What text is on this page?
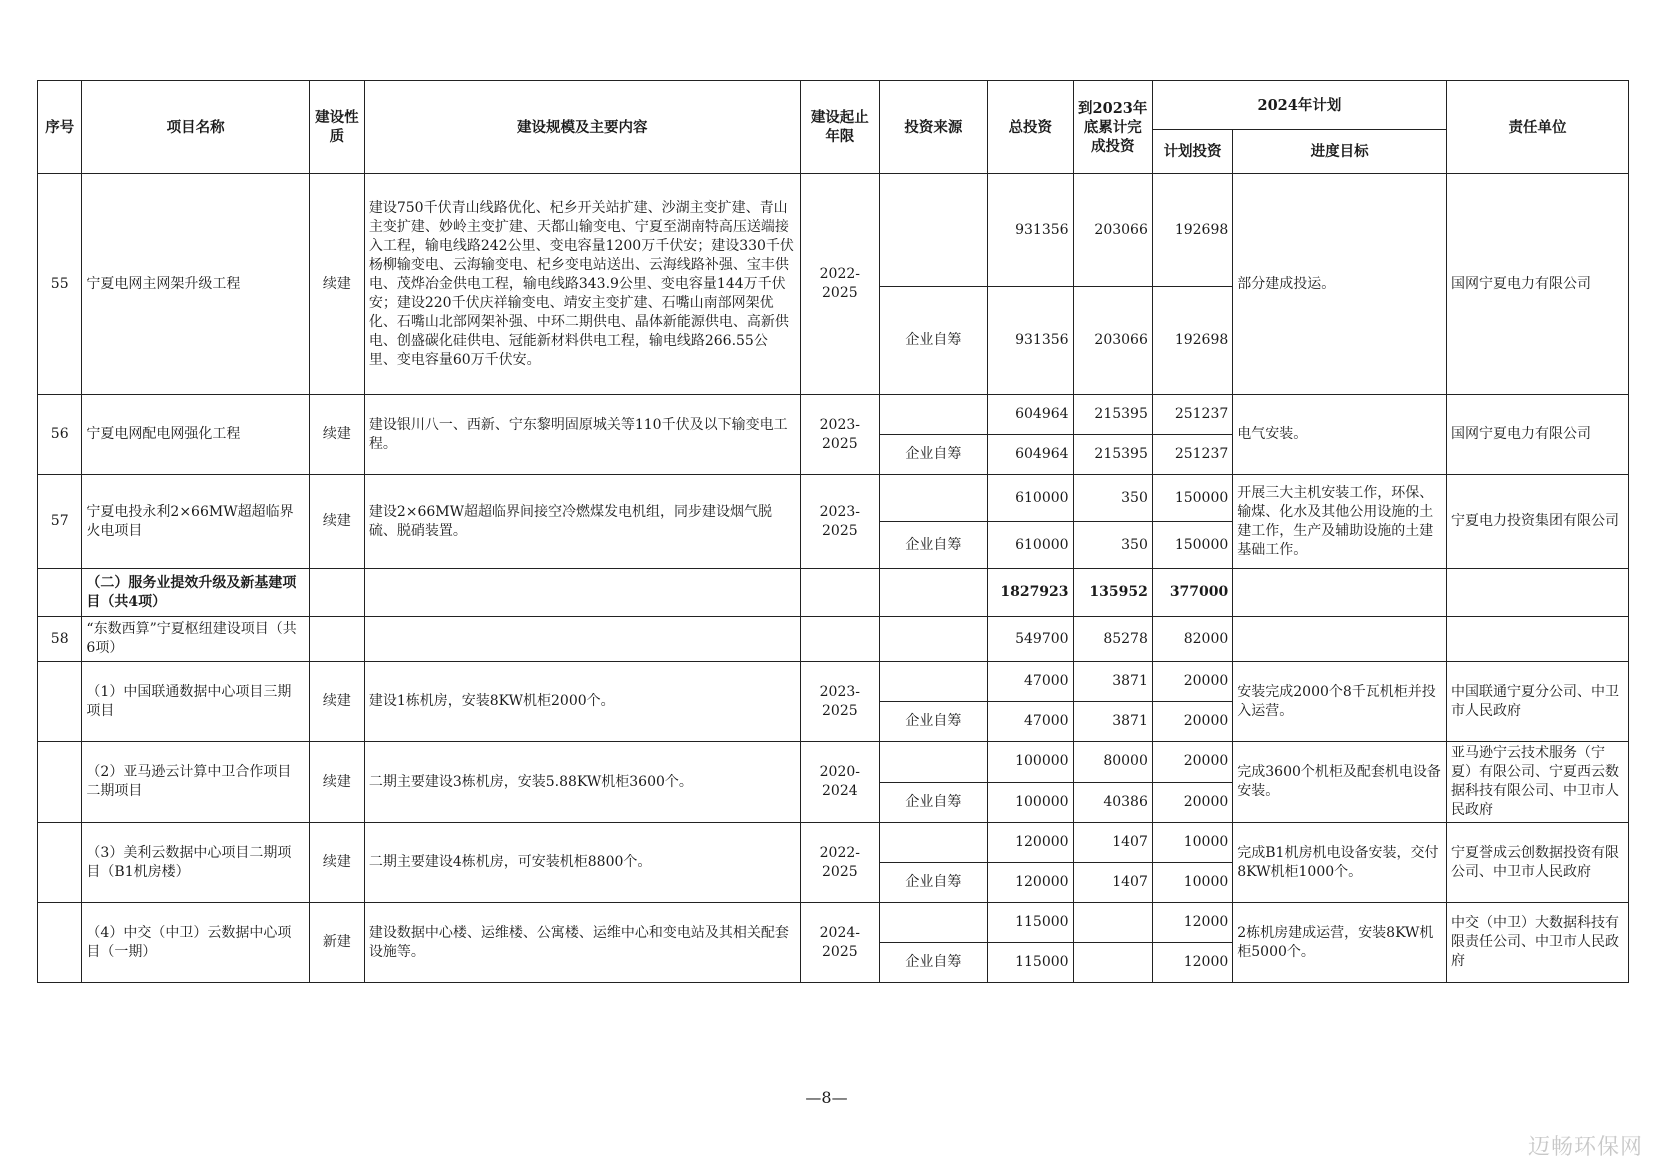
序号	项目名称	建设性质	建设规模及主要内容	建设起止年限	投资来源	总投资	到2023年底累计完成投资	2024年计划		责任单位
								计划投资	进度目标	
55	宁夏电网主网架升级工程	续建	建设750千伏青山线路优化、杞乡开关站扩建、沙湖主变扩建、青山主变扩建、妙岭主变扩建、天都山输变电、宁夏至湖南特高压送端接入工程，输电线路242公里、变电容量1200万千伏安；建设330千伏杨柳输变电、云海输变电、杞乡变电站送出、云海线路补强、宝丰供电、茂烨冶金供电工程，输电线路343.9公里、变电容量144万千伏安；建设220千伏庆祥输变电、靖安主变扩建、石嘴山南部网架优化、石嘴山北部网架补强、中环二期供电、晶体新能源供电、高新供电、创盛碳化硅供电、冠能新材料供电工程，输电线路266.55公里、变电容量60万千伏安。	2022-2025		931356	203066	192698	部分建成投运。	国网宁夏电力有限公司
					企业自筹	931356	203066	192698		
56	宁夏电网配电网强化工程	续建	建设银川八一、西新、宁东黎明固原城关等110千伏及以下输变电工程。	2023-2025		604964	215395	251237	电气安装。	国网宁夏电力有限公司
					企业自筹	604964	215395	251237		
57	宁夏电投永利2×66MW超超临界火电项目	续建	建设2×66MW超超临界间接空冷燃煤发电机组，同步建设烟气脱硫、脱硝装置。	2023-2025		610000	350	150000	开展三大主机安装工作，环保、输煤、化水及其他公用设施的土建工作，生产及辅助设施的土建基础工作。	宁夏电力投资集团有限公司
					企业自筹	610000	350	150000		
	（二）服务业提效升级及新基建项目（共4项）					1827923	135952	377000		
58	“东数西算”宁夏枢纽建设项目（共6项）					549700	85278	82000		
	（1）中国联通数据中心项目三期项目	续建	建设1栋机房，安装8KW机柜2000个。	2023-2025		47000	3871	20000	安装完成2000个8千瓦机柜并投入运营。	中国联通宁夏分公司、中卫市人民政府
					企业自筹	47000	3871	20000		
	（2）亚马逊云计算中卫合作项目二期项目	续建	二期主要建设3栋机房，安装5.88KW机柜3600个。	2020-2024		100000	80000	20000	完成3600个机柜及配套机电设备安装。	亚马逊宁云技术服务（宁夏）有限公司、宁夏西云数据科技有限公司、中卫市人民政府
					企业自筹	100000	40386	20000		
	（3）美利云数据中心项目二期项目（B1机房楼）	续建	二期主要建设4栋机房，可安装机柜8800个。	2022-2025		120000	1407	10000	完成B1机房机电设备安装，交付8KW机柜1000个。	宁夏誉成云创数据投资有限公司、中卫市人民政府
					企业自筹	120000	1407	10000		
	（4）中交（中卫）云数据中心项目（一期）	新建	建设数据中心楼、运维楼、公寓楼、运维中心和变电站及其相关配套设施等。	2024-2025		115000		12000	2栋机房建成运营，安装8KW机柜5000个。	中交（中卫）大数据科技有限责任公司、中卫市人民政府
					企业自筹	115000		12000		
—8—
迈畅环保网
